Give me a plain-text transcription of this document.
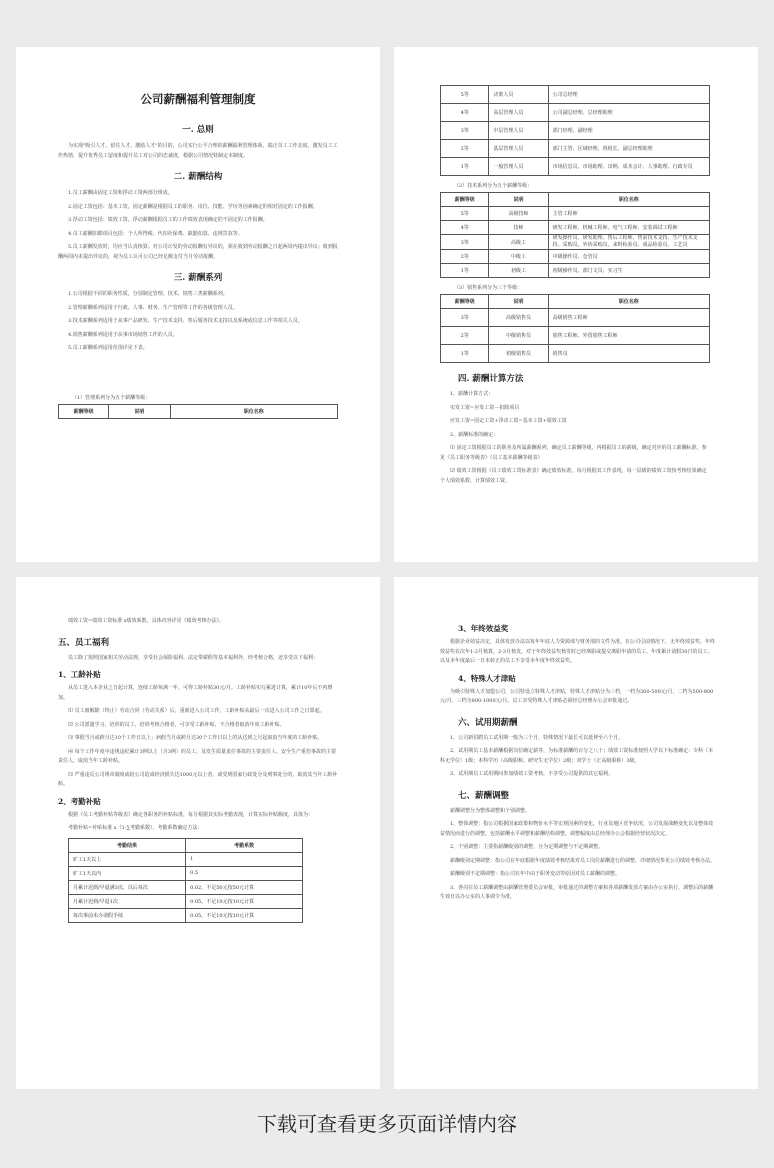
公司薪酬福利管理制度
一. 总则
为实现"吸引人才、留住人才、激励人才"的目的，公司实行公平合理的薪酬福利管理体系，端正员工工作态度，激发员工工作热情，提升优秀员工留度和提升员工对公司的忠诚度，根据公司情况特制定本制度。
二. 薪酬结构
1.员工薪酬由固定工资和浮动工资两部分组成。
2.固定工资包括：基本工资。固定薪酬是根据员工的职务、岗位、技能、学历等因素确定的相对固定的工作报酬。
3.浮动工资包括：绩效工资。浮动薪酬根据员工的工作绩效表现确定的不固定的工作报酬。
4.员工薪酬扣除项目包括：个人所得税、代扣社保费、缺勤扣款、违规罚款等。
5.员工薪酬发放时，均应当认真核算；对公司计发的劳动报酬有异议的，须在收到劳动报酬之日起两周内提出异议；收到报酬两周内未提出异议的，视为员工认可公司已经足额支付当月劳动报酬。
三. 薪酬系列
1.公司根据不同的职务性质，分别制定管理、技术、销售三类薪酬系列。
2.管理薪酬系列适用于行政、人事、财务、生产管理等工作的各级管理人员。
3.技术薪酬系列适用于从事产品研发、生产技术支持、售后服务技术支持以及系统或信息工作等相关人员。
4.销售薪酬系列适用于从事市场销售工作的人员。
5.员工薪酬系列适用范围详见下表。
（1）管理系列分为五个薪酬等级：
薪酬等级	说明	职位名称
5等	决策人员	公司总经理
4等	高层管理人员	公司副总经理、总经理助理
3等	中层管理人员	部门经理、副经理
2等	基层管理人员	部门主管、区域经理、班组长、副总经理助理
1等	一般管理人员	市场信息员、市场助理、出纳、成本会计、人事助理、行政专员
（2）技术系列分为五个薪酬等级：
薪酬等级	说明	职位名称
5等	高级技师	主管工程师
4等	技师	研发工程师、机械工程师、电气工程师、安装调试工程师
3等	高级工	研发操作员、研发助理、售后工程师、售前技术支持、生产技术支持、采购员、外协采购员、来料检验员、成品检验员、工艺员
2等	中级工	中级操作员、仓管员
1等	初级工	初级操作员、部门文员、实习生
（3）销售系列分为三个等级：
薪酬等级	说明	职位名称
3等	高级销售员	高级销售工程师
2等	中级销售员	销售工程师、外贸销售工程师
1等	初级销售员	销售员
四. 薪酬计算方法
1、薪酬计算方式：
实发工资=应发工资－扣除项目
应发工资=固定工资+浮动工资=基本工资+绩效工资
2、薪酬标准的确定：
⑴ 固定工资根据员工的职务及所属薪酬系列，确定员工薪酬等级，再根据员工的薪级，确定对应的员工薪酬标准。参见《员工职务等级表》《员工基本薪酬等级表》
⑵ 绩效工资根据《员工绩效工资标准表》确定绩效标准，每月根据其工作表现，每一层级的绩效工资按考核结果确定个人绩效系数，计算绩效工资。
绩效工资=绩效工资标准 x绩效系数，具体内容详见《绩效考核办法》。
五、员工福利
员工除了按照国家相关劳动法规，享受社会保险福利、法定带薪假等基本福利外，经考核合格，还享受以下福利：
1、工龄补贴
从员工进入本企业之日起计算，连续工龄每满一年，可得工龄补贴30元/月。工龄补贴实行累进计算，累计10年后不再增加。
⑴ 员工被解除（终止）劳动合同（劳动关系）后，重新进入公司工作，工龄补贴从最后一次进入公司工作之日算起。
⑵ 公司派遣学习、培训的员工，培训考核合格者，可享受工龄补贴，不合格者取消年度工龄补贴。
⑶ 事假当月或跨月达10个工作日以上；病假当月或跨月达30个工作日以上的从达到之月起取消当年度的工龄补贴。
⑷ 每个工作年度中违规违纪累计3例以上（含3例）的员工，及发生质量责任事故的主要责任人、安全生产重伤事故的主要责任人，取消当年工龄补贴。
⑸ 严重违反公司规章制度或给公司造成经济损失达1000元以上者，或受到国家行政处分及刑事处分的，取消其当年工龄补贴。
2、考勤补贴
根据《员工考勤补贴等级表》确定各职务的补贴标准，每月根据其实际考勤表现，计算实际补贴额度，具体为：
考勤补贴=补贴标准 x（1-∑考勤系数），考勤系数确定方法：
考勤结果	考勤系数
旷工1天以上	1
旷工1天以内	0.5
月累计迟到/早退满3次，以后每次	0.02，不足50元按50元计算
月累计迟到/早退1次	0.05，不足10元按10元计算
每次事前未办请假手续	0.05，不足10元按10元计算
3、年终效益奖
根据企业效益决定，具体发放办法以每年年底人力资源部与财务部的文件为准。在公司引前情况下，无年终效益奖。年终效益奖在次年1-2月核算，2-3月核发。对于年终效益奖核发时已经离职或提交离职申请的员工、年度累计请假30日的员工、以及本年度最后一日未转正的员工不享受本年度年终效益奖。
4、特殊人才津贴
为吸引特殊人才加盟公司，公司特设立特殊人才津贴，特殊人才津贴分为三档，一档为300-500元/月，二档为500-800元/月，三档为800-1000元/月，员工享受特殊人才津贴必须经总经理办公会审批通过。
六、试用期薪酬
1、公司新招聘员工试用期一般为三个月，特殊情况下最长可以延伸至六个月。
2、试用期员工基本薪酬根据岗位确定薪等，为标准薪酬的百分之八十；绩效工资标准按照大学以下标准确定：专科（本科无学位）1级；本科学历（高级职称、研究生无学位）2级；双学士（正高级职称）3级。
3、试用期员工试用期间参加绩效工资考核，不享受公司提供的其它福利。
七、薪酬调整
薪酬调整分为整体调整和个别调整。
1、整体调整：指公司根据国家政策和物价水平等宏观因素的变化，行业及地区竞争状况，公司发展战略变化以及整体效益情况而进行的调整，包括薪酬水平调整和薪酬结构调整，调整幅度由总经理办公会根据经营状况决定。
2、个别调整：主要指薪酬级别的调整，分为定期调整与不定期调整。
薪酬级别定期调整：指公司在年底根据年度绩效考核结果对员工岗位薪酬进行的调整，详细情况参见公司绩效考核办法。
薪酬级别不定期调整：指公司在年中由于职务变动等原因对员工薪酬的调整。
3、各岗位员工薪酬调整由薪酬管理委员会审批，审批通过的调整方案和各项薪酬发放方案由办公室执行。调整后的薪酬生效日以办公室的人事调令为准。
下载可查看更多页面详情内容
